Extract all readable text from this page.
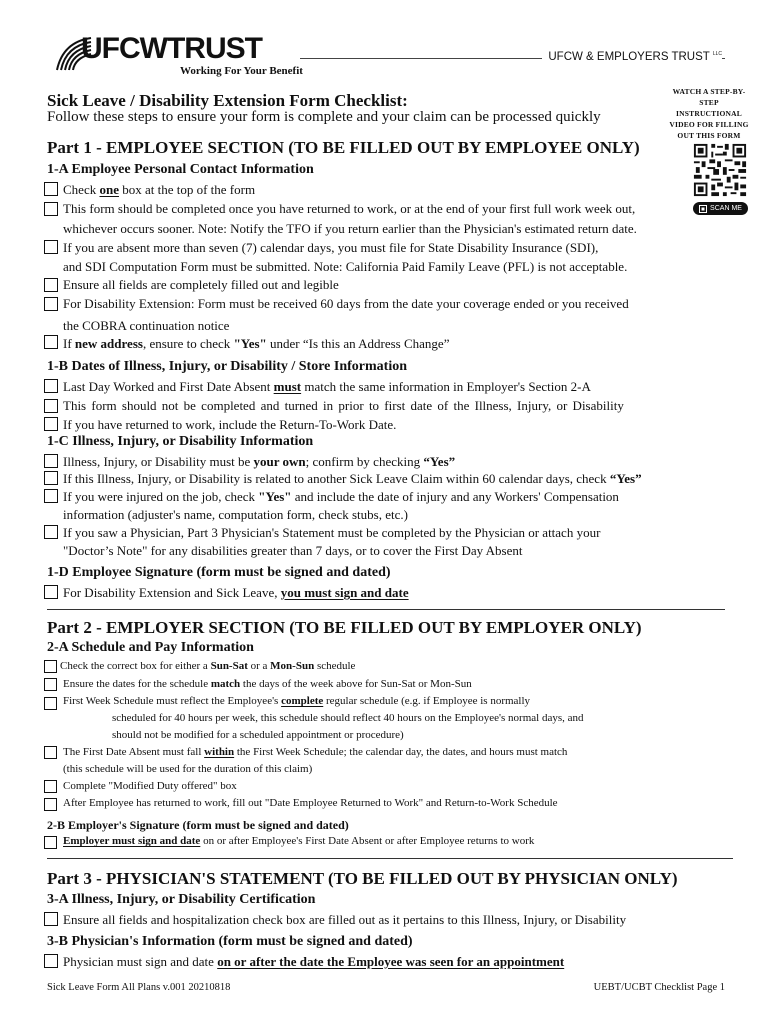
UFCWTRUST
Working For Your Benefit
UFCW & EMPLOYERS TRUST $^{LLC}$
Sick Leave / Disability Extension Form Checklist:
Follow these steps to ensure your form is complete and your claim can be processed quickly
WATCH A STEP-BY-STEP INSTRUCTIONAL VIDEO FOR FILLING OUT THIS FORM
SCAN ME
Part 1 - EMPLOYEE SECTION (TO BE FILLED OUT BY EMPLOYEE ONLY)
1-A Employee Personal Contact Information
Check one box at the top of the form
This form should be completed once you have returned to work, or at the end of your first full work week out,
whichever occurs sooner. Note: Notify the TFO if you return earlier than the Physician's estimated return date.
If you are absent more than seven (7) calendar days, you must file for State Disability Insurance (SDI),
and SDI Computation Form must be submitted. Note: California Paid Family Leave (PFL) is not acceptable.
Ensure all fields are completely filled out and legible
For Disability Extension: Form must be received 60 days from the date your coverage ended or you received
the COBRA continuation notice
If new address, ensure to check "Yes" under “Is this an Address Change”
1-B Dates of Illness, Injury, or Disability / Store Information
Last Day Worked and First Date Absent must match the same information in Employer's Section 2-A
This form should not be completed and turned in prior to first date of the Illness, Injury, or Disability
If you have returned to work, include the Return-To-Work Date.
1-C Illness, Injury, or Disability Information
Illness, Injury, or Disability must be your own; confirm by checking “Yes”
If this Illness, Injury, or Disability is related to another Sick Leave Claim within 60 calendar days, check “Yes”
If you were injured on the job, check "Yes" and include the date of injury and any Workers' Compensation
information (adjuster's name, computation form, check stubs, etc.)
If you saw a Physician, Part 3 Physician's Statement must be completed by the Physician or attach your
"Doctor’s Note" for any disabilities greater than 7 days, or to cover the First Day Absent
1-D Employee Signature (form must be signed and dated)
For Disability Extension and Sick Leave, you must sign and date
Part 2 - EMPLOYER SECTION (TO BE FILLED OUT BY EMPLOYER ONLY)
2-A Schedule and Pay Information
Check the correct box for either a Sun-Sat or a Mon-Sun schedule
Ensure the dates for the schedule match the days of the week above for Sun-Sat or Mon-Sun
First Week Schedule must reflect the Employee's complete regular schedule (e.g. if Employee is normally
scheduled for 40 hours per week, this schedule should reflect 40 hours on the Employee's normal days, and
should not be modified for a scheduled appointment or procedure)
The First Date Absent must fall within the First Week Schedule; the calendar day, the dates, and hours must match
(this schedule will be used for the duration of this claim)
Complete "Modified Duty offered" box
After Employee has returned to work, fill out "Date Employee Returned to Work" and Return-to-Work Schedule
2-B Employer's Signature (form must be signed and dated)
Employer must sign and date on or after Employee's First Date Absent or after Employee returns to work
Part 3 - PHYSICIAN'S STATEMENT (TO BE FILLED OUT BY PHYSICIAN ONLY)
3-A Illness, Injury, or Disability Certification
Ensure all fields and hospitalization check box are filled out as it pertains to this Illness, Injury, or Disability
3-B Physician's Information (form must be signed and dated)
Physician must sign and date on or after the date the Employee was seen for an appointment
Sick Leave Form All Plans v.001 20210818	UEBT/UCBT Checklist Page 1
